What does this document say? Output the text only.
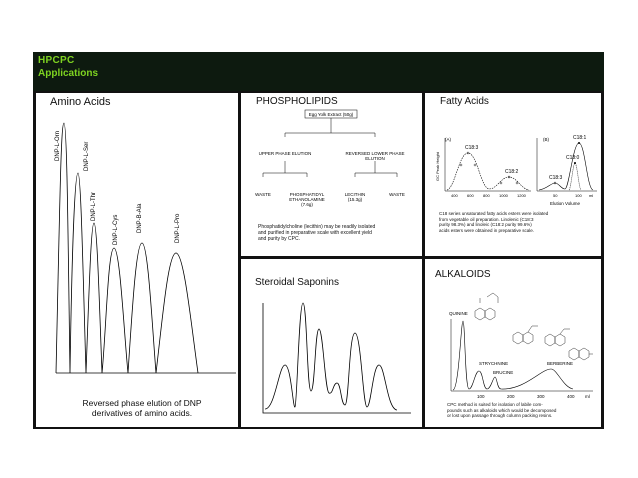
HPCPC
Applications
Amino Acids
DNP-L-Orn	DNP-L-Ser
DNP-L-Thr
DNP-L-Cys	DNP-B-Ala	DNP-L-Pro
Reversed phase elution of DNP
derivatives of amino acids.
PHOSPHOLIPIDS
Egg Yolk Extract (50g)
UPPER PHASE ELUTION	REVERSED LOWER PHASE
ELUTION
WASTE	PHOSPHATIDYL
ETHANOLAMINE
(7.6g)
LECITHIN
(15.3g)
WASTE
Phosphatidylcholine (lecithin) may be readily isolated
and purified in preparative scale with excellent yield
and purity by CPC.
Fatty Acids
(A)	(B)
GC Peak Height
C18:3
C18:2
C18:1
C18:0
C18:3
400 600 800 1000 1200	50	100 ml
Elution Volume
C18 series unsaturated fatty acids esters were isolated
from vegetable oil preparation. Linolenic (C18:3
purity 98.3%) and linoleic (C18:2 purity 99.6%)
acids esters were obtained in preparative scale.
Steroidal Saponins
ALKALOIDS
QUININE
STRYCHNINE
BRUCINE
BERBERINE
100	200	300	400 ml
CPC method is suited for isolation of labile com-
pounds such as alkaloids which would be decomposed
or lost upon passage through column packing resins.
